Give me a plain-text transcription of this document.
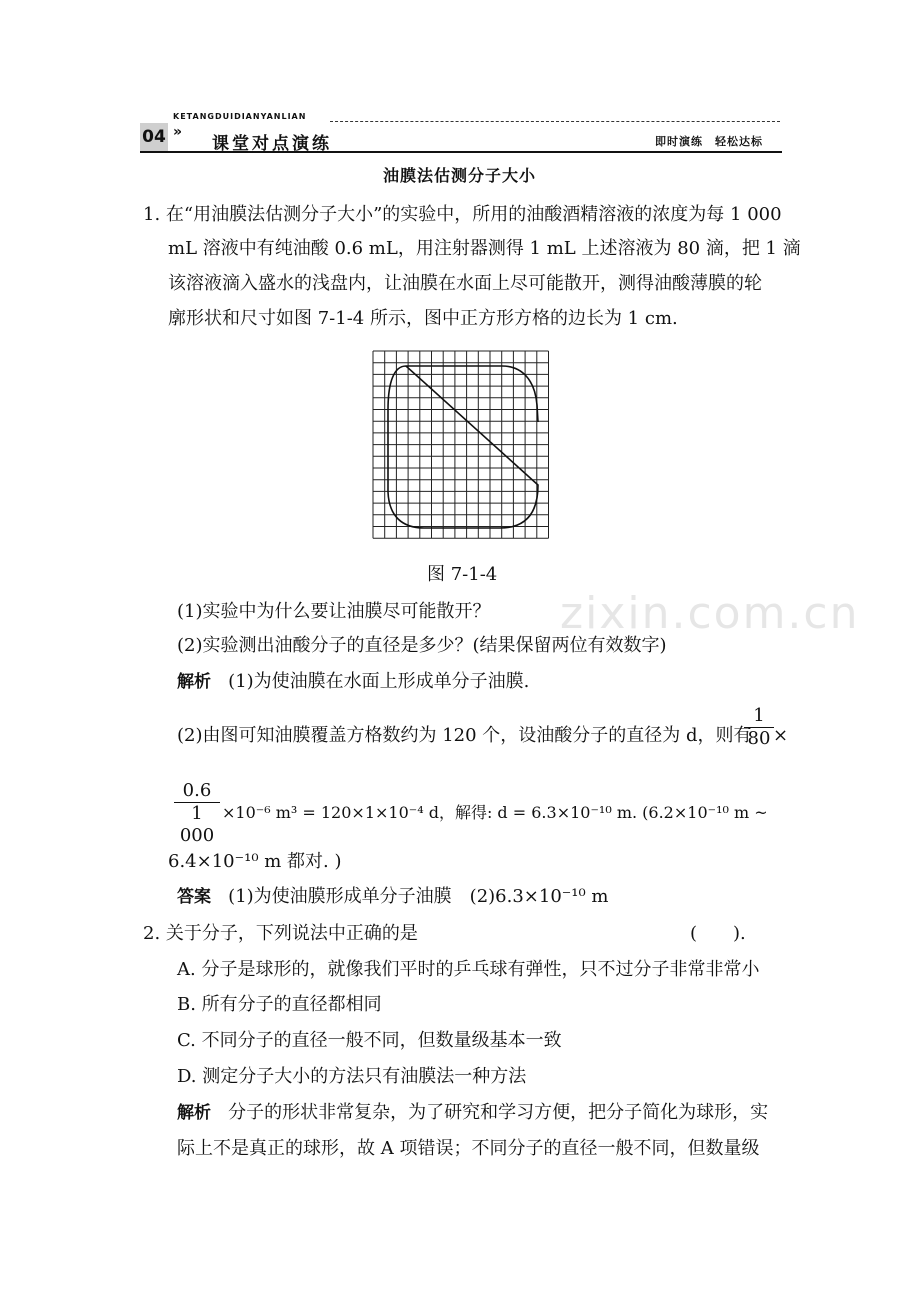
KETANGDUIDIANYANLIAN
04 »
课堂对点演练	即时演练　轻松达标
油膜法估测分子大小
1. 在“用油膜法估测分子大小”的实验中，所用的油酸酒精溶液的浓度为每 1 000
mL 溶液中有纯油酸 0.6 mL，用注射器测得 1 mL 上述溶液为 80 滴，把 1 滴
该溶液滴入盛水的浅盘内，让油膜在水面上尽可能散开，测得油酸薄膜的轮
廓形状和尺寸如图 7-1-4 所示，图中正方形方格的边长为 1 cm.
图 7-1-4
zixin.com.cn
(1)实验中为什么要让油膜尽可能散开？
(2)实验测出油酸分子的直径是多少？(结果保留两位有效数字)
解析 (1)为使油膜在水面上形成单分子油膜.
(2)由图可知油膜覆盖方格数约为 120 个，设油酸分子的直径为 d，则有
$\frac{1}{80}$ ×
$\frac{0.6}{1 000} \times 10^{-6}$ m³ = 120×1×10⁻⁴ d，解得: d = 6.3×10⁻¹⁰ m. (6.2×10⁻¹⁰ m ~
6.4×10⁻¹⁰ m 都对. )
答案 (1)为使油膜形成单分子油膜　(2)6.3×10⁻¹⁰ m
2. 关于分子，下列说法中正确的是	(　　).
A. 分子是球形的，就像我们平时的乒乓球有弹性，只不过分子非常非常小
B. 所有分子的直径都相同
C. 不同分子的直径一般不同，但数量级基本一致
D. 测定分子大小的方法只有油膜法一种方法
解析 分子的形状非常复杂，为了研究和学习方便，把分子简化为球形，实
际上不是真正的球形，故 A 项错误；不同分子的直径一般不同，但数量级
